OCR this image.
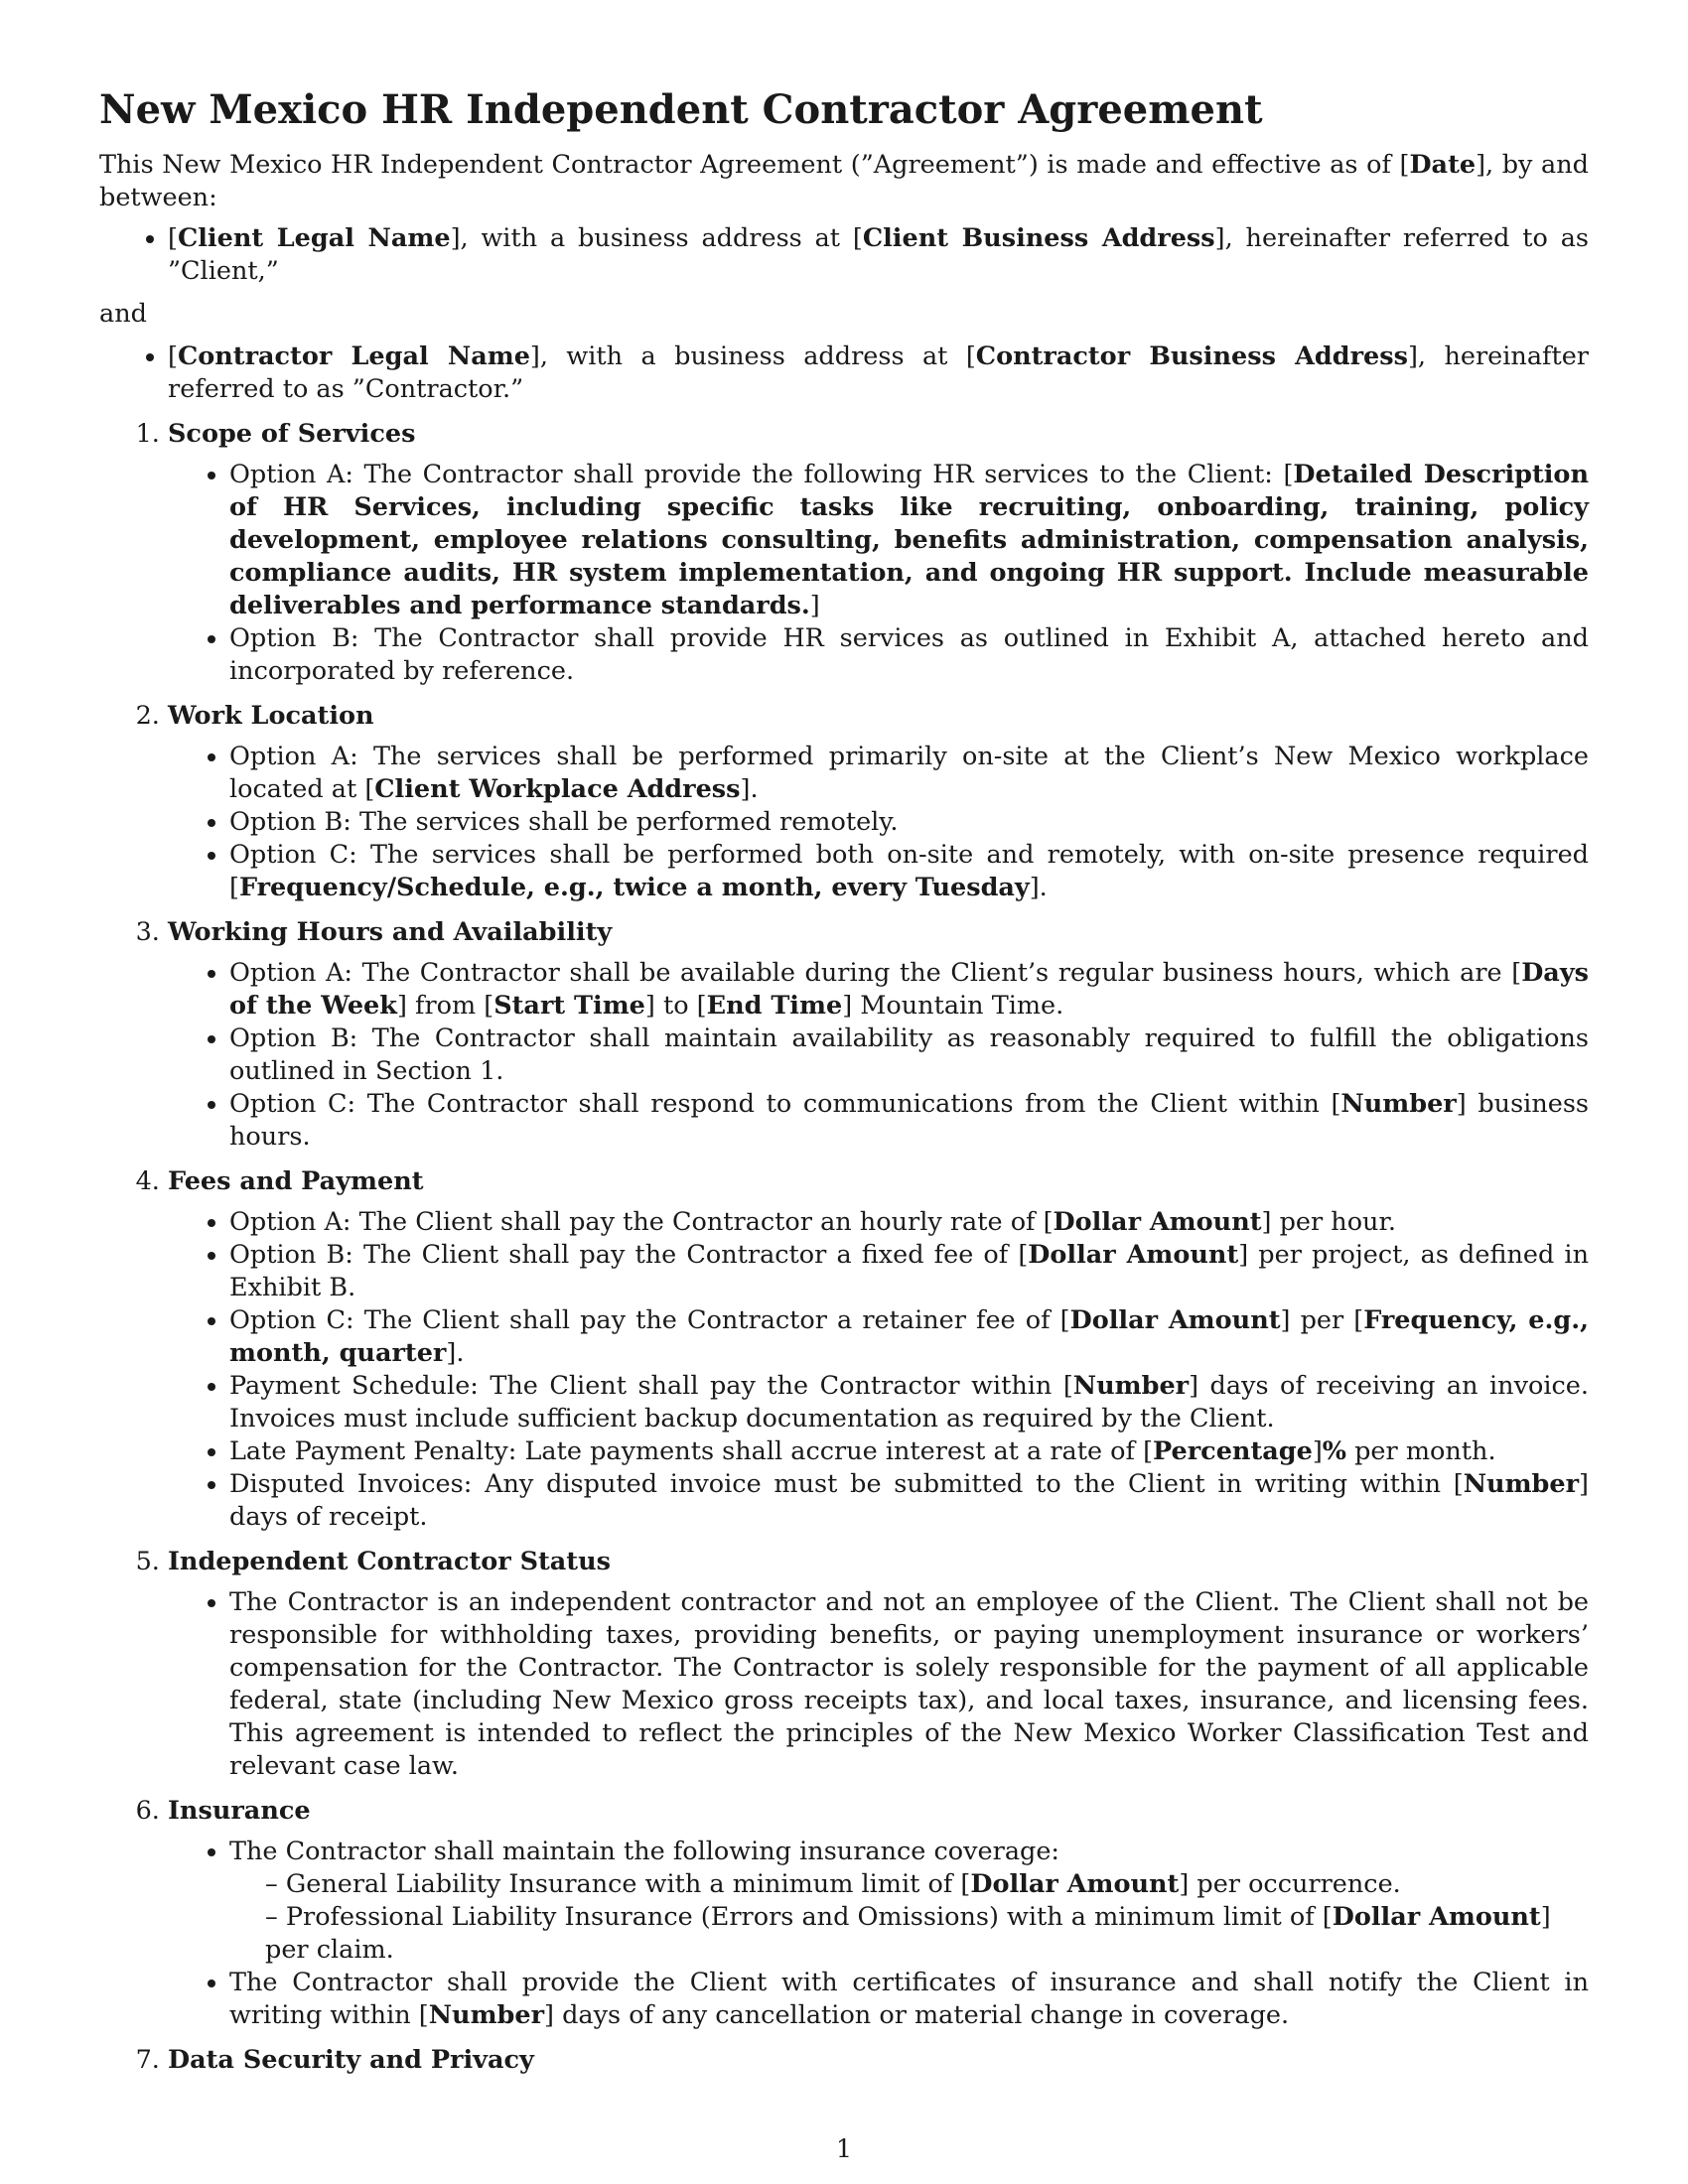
New Mexico HR Independent Contractor Agreement

This New Mexico HR Independent Contractor Agreement (”Agreement”) is made and effective as of [Date], by and between:

• [Client Legal Name], with a business address at [Client Business Address], hereinafter referred to as ”Client,”

and

• [Contractor Legal Name], with a business address at [Contractor Business Address], hereinafter referred to as ”Contractor.”
1. Scope of Services
• Option A: The Contractor shall provide the following HR services to the Client: [Detailed Description of HR Services, including specific tasks like recruiting, onboarding, training, policy development, employee relations consulting, benefits administration, compensation analysis, compliance audits, HR system implementation, and ongoing HR support. Include measurable deliverables and performance standards.]
• Option B: The Contractor shall provide HR services as outlined in Exhibit A, attached hereto and incorporated by reference.
2. Work Location
• Option A: The services shall be performed primarily on-site at the Client’s New Mexico workplace located at [Client Workplace Address].
• Option B: The services shall be performed remotely.
• Option C: The services shall be performed both on-site and remotely, with on-site presence required [Frequency/Schedule, e.g., twice a month, every Tuesday].
3. Working Hours and Availability
• Option A: The Contractor shall be available during the Client’s regular business hours, which are [Days of the Week] from [Start Time] to [End Time] Mountain Time.
• Option B: The Contractor shall maintain availability as reasonably required to fulfill the obligations outlined in Section 1.
• Option C: The Contractor shall respond to communications from the Client within [Number] business hours.
4. Fees and Payment
• Option A: The Client shall pay the Contractor an hourly rate of [Dollar Amount] per hour.
• Option B: The Client shall pay the Contractor a fixed fee of [Dollar Amount] per project, as defined in Exhibit B.
• Option C: The Client shall pay the Contractor a retainer fee of [Dollar Amount] per [Frequency, e.g., month, quarter].
• Payment Schedule: The Client shall pay the Contractor within [Number] days of receiving an invoice. Invoices must include sufficient backup documentation as required by the Client.
• Late Payment Penalty: Late payments shall accrue interest at a rate of [Percentage]% per month.
• Disputed Invoices: Any disputed invoice must be submitted to the Client in writing within [Number] days of receipt.
5. Independent Contractor Status
• The Contractor is an independent contractor and not an employee of the Client. The Client shall not be responsible for withholding taxes, providing benefits, or paying unemployment insurance or workers’ compensation for the Contractor. The Contractor is solely responsible for the payment of all applicable federal, state (including New Mexico gross receipts tax), and local taxes, insurance, and licensing fees. This agreement is intended to reflect the principles of the New Mexico Worker Classification Test and relevant case law.
6. Insurance
• The Contractor shall maintain the following insurance coverage:
– General Liability Insurance with a minimum limit of [Dollar Amount] per occurrence.
– Professional Liability Insurance (Errors and Omissions) with a minimum limit of [Dollar Amount] per claim.
• The Contractor shall provide the Client with certificates of insurance and shall notify the Client in writing within [Number] days of any cancellation or material change in coverage.
7. Data Security and Privacy
1
